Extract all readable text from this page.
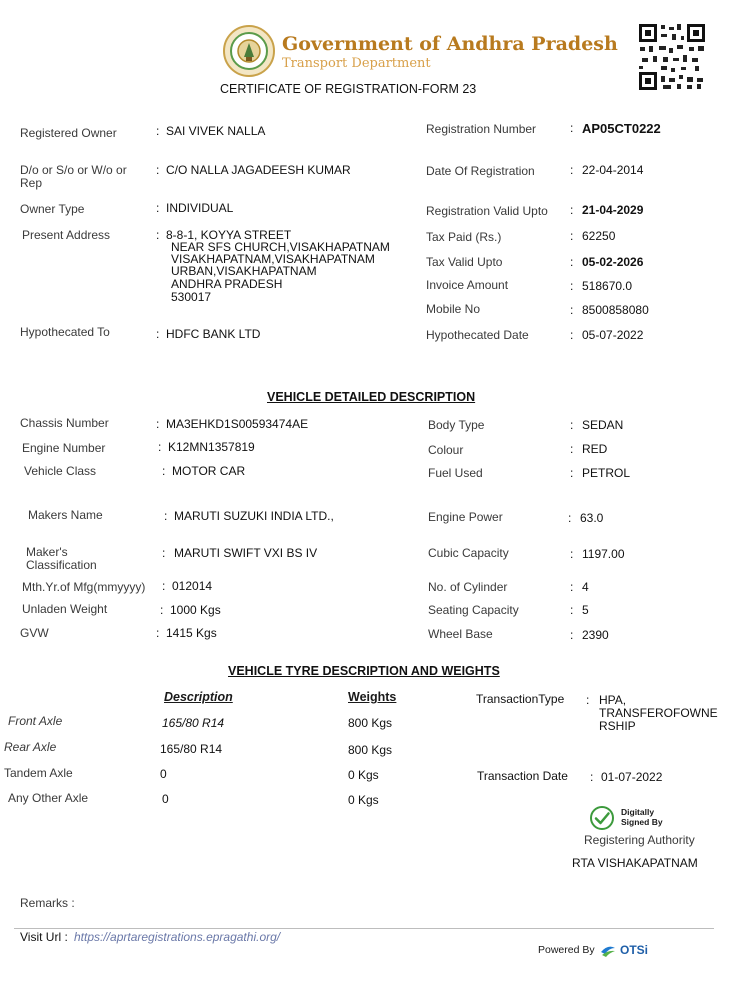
Government of Andhra Pradesh
Transport Department
CERTIFICATE OF REGISTRATION-FORM 23
Registered Owner	: SAI VIVEK NALLA
D/o or S/o or W/o or Rep
: C/O NALLA JAGADEESH KUMAR
Owner Type	: INDIVIDUAL
Present Address	: 8-8-1, KOYYA STREET
NEAR SFS CHURCH,VISAKHAPATNAM
VISAKHAPATNAM,VISAKHAPATNAM
URBAN,VISAKHAPATNAM
ANDHRA PRADESH
530017
Hypothecated To	: HDFC BANK LTD
Registration Number	: AP05CT0222
Date Of Registration	: 22-04-2014
Registration Valid Upto : 21-04-2029
Tax Paid (Rs.)	: 62250
Tax Valid Upto	: 05-02-2026
Invoice Amount	: 518670.0
Mobile No	: 8500858080
Hypothecated Date	: 05-07-2022
VEHICLE DETAILED DESCRIPTION
Chassis Number	: MA3EHKD1S00593474AE
Engine Number	: K12MN1357819
Vehicle Class	: MOTOR CAR
Makers Name	: MARUTI SUZUKI INDIA LTD.,
Maker's Classification
: MARUTI SWIFT VXI BS IV
Mth.Yr.of Mfg(mmyyyy) : 012014
Unladen Weight	: 1000 Kgs
GVW	: 1415 Kgs
Body Type	: SEDAN
Colour	: RED
Fuel Used	: PETROL
Engine Power	: 63.0
Cubic Capacity	: 1197.00
No. of Cylinder	: 4
Seating Capacity	: 5
Wheel Base	: 2390
VEHICLE TYRE DESCRIPTION AND WEIGHTS
Description	Weights
Front Axle	165/80 R14	800 Kgs
Rear Axle	165/80 R14	800 Kgs
Tandem Axle	0	0 Kgs
Any Other Axle	0	0 Kgs
TransactionType : HPA,
TRANSFEROFOWNE
RSHIP
Transaction Date : 01-07-2022
Digitally
Signed By
Registering Authority
RTA VISHAKAPATNAM
Remarks :
Visit Url : https://aprtaregistrations.epragathi.org/
Powered By OTSi
